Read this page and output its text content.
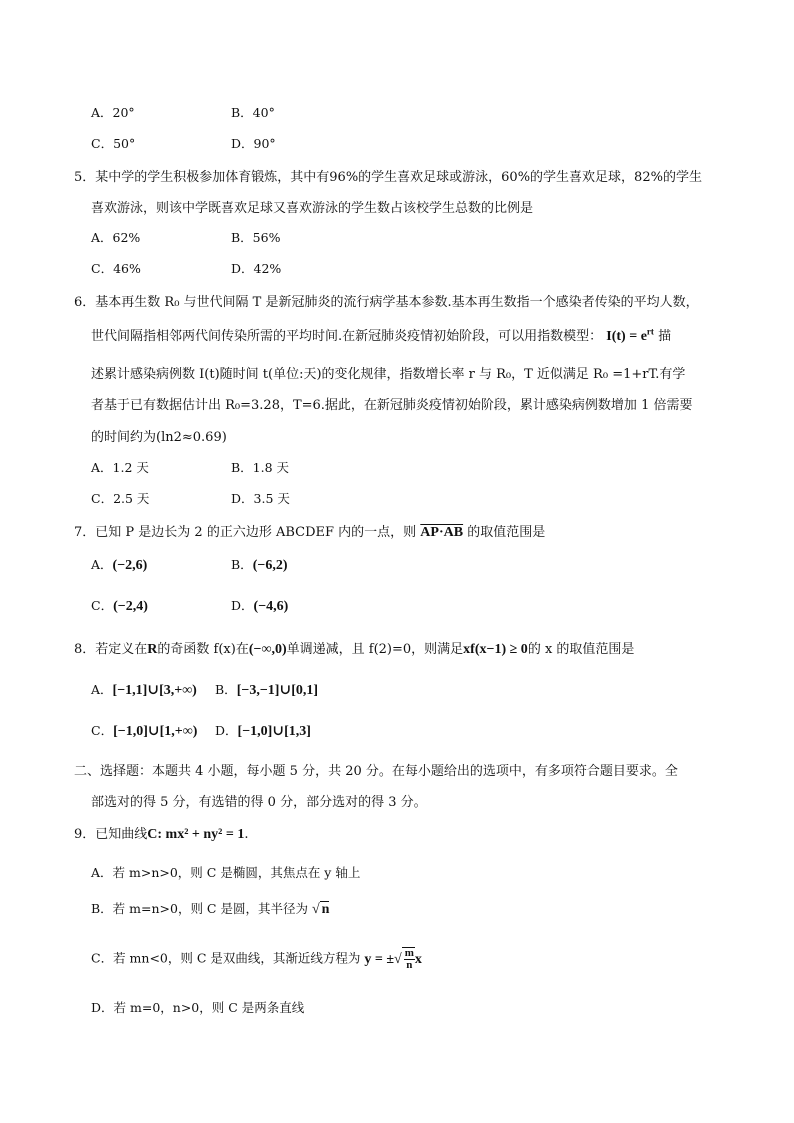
A．20°	B．40°
C．50°	D．90°
5．某中学的学生积极参加体育锻炼，其中有96%的学生喜欢足球或游泳，60%的学生喜欢足球，82%的学生
喜欢游泳，则该中学既喜欢足球又喜欢游泳的学生数占该校学生总数的比例是
A．62%	B．56%
C．46%	D．42%
6．基本再生数 R₀ 与世代间隔 T 是新冠肺炎的流行病学基本参数.基本再生数指一个感染者传染的平均人数，
世代间隔指相邻两代间传染所需的平均时间.在新冠肺炎疫情初始阶段，可以用指数模型： $I(t) = e^{rt}$ 描
述累计感染病例数 I(t)随时间 t(单位:天)的变化规律，指数增长率 r 与 R₀，T 近似满足 R₀ =1+rT.有学
者基于已有数据估计出 R₀=3.28，T=6.据此，在新冠肺炎疫情初始阶段，累计感染病例数增加 1 倍需要
的时间约为(ln2≈0.69)
A．1.2 天	B．1.8 天
C．2.5 天	D．3.5 天
7．已知 P 是边长为 2 的正六边形 ABCDEF 内的一点，则 AP·AB 的取值范围是
A．(−2,6)	B．(−6,2)
C．(−2,4)	D．(−4,6)
8．若定义在R的奇函数 f(x)在(−∞,0)单调递减，且 f(2)=0，则满足xf(x−1) ≥ 0的 x 的取值范围是
A．[−1,1]∪[3,+∞) B．[−3,−1]∪[0,1]
C．[−1,0]∪[1,+∞) D．[−1,0]∪[1,3]
二、选择题：本题共 4 小题，每小题 5 分，共 20 分。在每小题给出的选项中，有多项符合题目要求。全
部选对的得 5 分，有选错的得 0 分，部分选对的得 3 分。
9．已知曲线C: mx² + ny² = 1.
A．若 m>n>0，则 C 是椭圆，其焦点在 y 轴上
B．若 m=n>0，则 C 是圆，其半径为 √ n
C．若 mn<0，则 C 是双曲线，其渐近线方程为 y = ±√ $\frac{m}{n}$ x
D．若 m=0，n>0，则 C 是两条直线
